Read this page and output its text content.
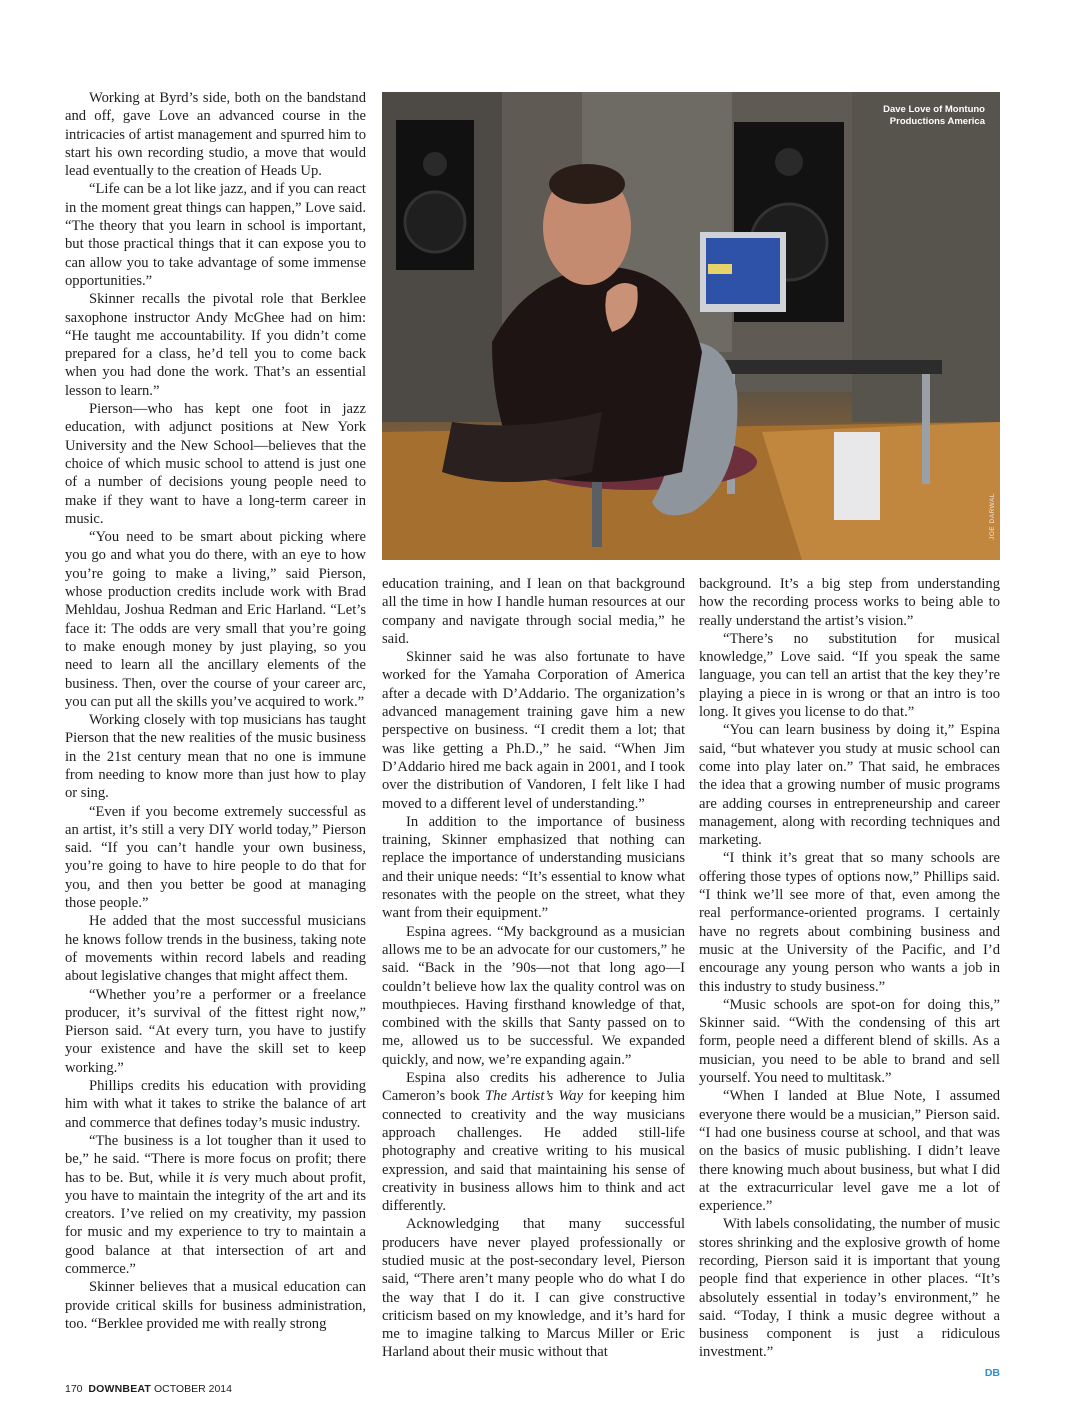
Working at Byrd’s side, both on the bandstand and off, gave Love an advanced course in the intricacies of artist management and spurred him to start his own recording studio, a move that would lead eventually to the creation of Heads Up.

“Life can be a lot like jazz, and if you can react in the moment great things can happen,” Love said. “The theory that you learn in school is important, but those practical things that it can expose you to can allow you to take advantage of some immense opportunities.”

Skinner recalls the pivotal role that Berklee saxophone instructor Andy McGhee had on him: “He taught me accountability. If you didn’t come prepared for a class, he’d tell you to come back when you had done the work. That’s an essential lesson to learn.”

Pierson—who has kept one foot in jazz education, with adjunct positions at New York University and the New School—believes that the choice of which music school to attend is just one of a number of decisions young people need to make if they want to have a long-term career in music.

“You need to be smart about picking where you go and what you do there, with an eye to how you’re going to make a living,” said Pierson, whose production credits include work with Brad Mehldau, Joshua Redman and Eric Harland. “Let’s face it: The odds are very small that you’re going to make enough money by just playing, so you need to learn all the ancillary elements of the business. Then, over the course of your career arc, you can put all the skills you’ve acquired to work.”

Working closely with top musicians has taught Pierson that the new realities of the music business in the 21st century mean that no one is immune from needing to know more than just how to play or sing.

“Even if you become extremely successful as an artist, it’s still a very DIY world today,” Pierson said. “If you can’t handle your own business, you’re going to have to hire people to do that for you, and then you better be good at managing those people.”

He added that the most successful musicians he knows follow trends in the business, taking note of movements within record labels and reading about legislative changes that might affect them.

“Whether you’re a performer or a freelance producer, it’s survival of the fittest right now,” Pierson said. “At every turn, you have to justify your existence and have the skill set to keep working.”

Phillips credits his education with providing him with what it takes to strike the balance of art and commerce that defines today’s music industry.

“The business is a lot tougher than it used to be,” he said. “There is more focus on profit; there has to be. But, while it is very much about profit, you have to maintain the integrity of the art and its creators. I’ve relied on my creativity, my passion for music and my experience to try to maintain a good balance at that intersection of art and commerce.”

Skinner believes that a musical education can provide critical skills for business administration, too. “Berklee provided me with really strong

Dave Love of Montuno
Productions America
JOE DARWAL

education training, and I lean on that background all the time in how I handle human resources at our company and navigate through social media,” he said.

Skinner said he was also fortunate to have worked for the Yamaha Corporation of America after a decade with D’Addario. The organization’s advanced management training gave him a new perspective on business. “I credit them a lot; that was like getting a Ph.D.,” he said. “When Jim D’Addario hired me back again in 2001, and I took over the distribution of Vandoren, I felt like I had moved to a different level of understanding.”

In addition to the importance of business training, Skinner emphasized that nothing can replace the importance of understanding musicians and their unique needs: “It’s essential to know what resonates with the people on the street, what they want from their equipment.”

Espina agrees. “My background as a musician allows me to be an advocate for our customers,” he said. “Back in the ’90s—not that long ago—I couldn’t believe how lax the quality control was on mouthpieces. Having firsthand knowledge of that, combined with the skills that Santy passed on to me, allowed us to be successful. We expanded quickly, and now, we’re expanding again.”

Espina also credits his adherence to Julia Cameron’s book The Artist’s Way for keeping him connected to creativity and the way musicians approach challenges. He added still-life photography and creative writing to his musical expression, and said that maintaining his sense of creativity in business allows him to think and act differently.

Acknowledging that many successful producers have never played professionally or studied music at the post-secondary level, Pierson said, “There aren’t many people who do what I do the way that I do it. I can give constructive criticism based on my knowledge, and it’s hard for me to imagine talking to Marcus Miller or Eric Harland about their music without that

background. It’s a big step from understanding how the recording process works to being able to really understand the artist’s vision.”

“There’s no substitution for musical knowledge,” Love said. “If you speak the same language, you can tell an artist that the key they’re playing a piece in is wrong or that an intro is too long. It gives you license to do that.”

“You can learn business by doing it,” Espina said, “but whatever you study at music school can come into play later on.” That said, he embraces the idea that a growing number of music programs are adding courses in entrepreneurship and career management, along with recording techniques and marketing.

“I think it’s great that so many schools are offering those types of options now,” Phillips said. “I think we’ll see more of that, even among the real performance-oriented programs. I certainly have no regrets about combining business and music at the University of the Pacific, and I’d encourage any young person who wants a job in this industry to study business.”

“Music schools are spot-on for doing this,” Skinner said. “With the condensing of this art form, people need a different blend of skills. As a musician, you need to be able to brand and sell yourself. You need to multitask.”

“When I landed at Blue Note, I assumed everyone there would be a musician,” Pierson said. “I had one business course at school, and that was on the basics of music publishing. I didn’t leave there knowing much about business, but what I did at the extracurricular level gave me a lot of experience.”

With labels consolidating, the number of music stores shrinking and the explosive growth of home recording, Pierson said it is important that young people find that experience in other places. “It’s absolutely essential in today’s environment,” he said. “Today, I think a music degree without a business component is just a ridiculous investment.”

DB
170 DOWNBEAT OCTOBER 2014
